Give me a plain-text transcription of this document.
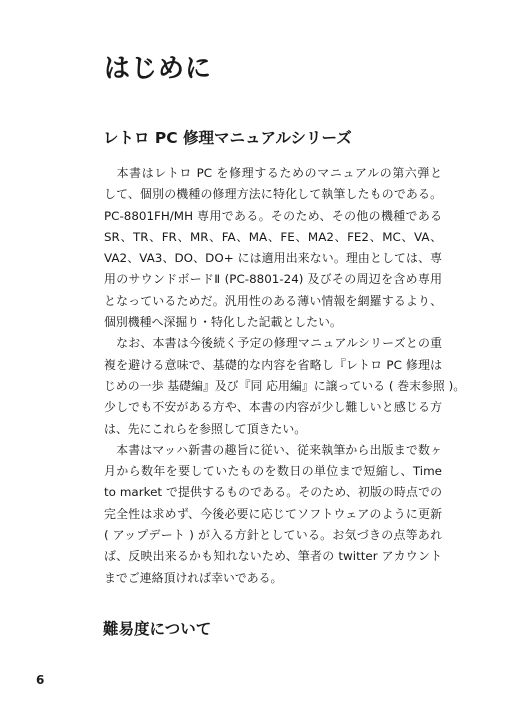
はじめに
レトロ PC 修理マニュアルシリーズ
　本書はレトロ PC を修理するためのマニュアルの第六弾と
して、個別の機種の修理方法に特化して執筆したものである。
PC-8801FH/MH 専用である。そのため、その他の機種である
SR、TR、FR、MR、FA、MA、FE、MA2、FE2、MC、VA、
VA2、VA3、DO、DO+ には適用出来ない。理由としては、専
用のサウンドボードⅡ (PC-8801-24) 及びその周辺を含め専用
となっているためだ。汎用性のある薄い情報を網羅するより、
個別機種へ深掘り・特化した記載としたい。
　なお、本書は今後続く予定の修理マニュアルシリーズとの重
複を避ける意味で、基礎的な内容を省略し『レトロ PC 修理は
じめの一歩 基礎編』及び『同 応用編』に譲っている ( 巻末参照 )。
少しでも不安がある方や、本書の内容が少し難しいと感じる方
は、先にこれらを参照して頂きたい。
　本書はマッハ新書の趣旨に従い、従来執筆から出版まで数ヶ
月から数年を要していたものを数日の単位まで短縮し、Time
to market で提供するものである。そのため、初版の時点での
完全性は求めず、今後必要に応じてソフトウェアのように更新
( アップデート ) が入る方針としている。お気づきの点等あれ
ば、反映出来るかも知れないため、筆者の twitter アカウント
までご連絡頂ければ幸いである。
難易度について
6
